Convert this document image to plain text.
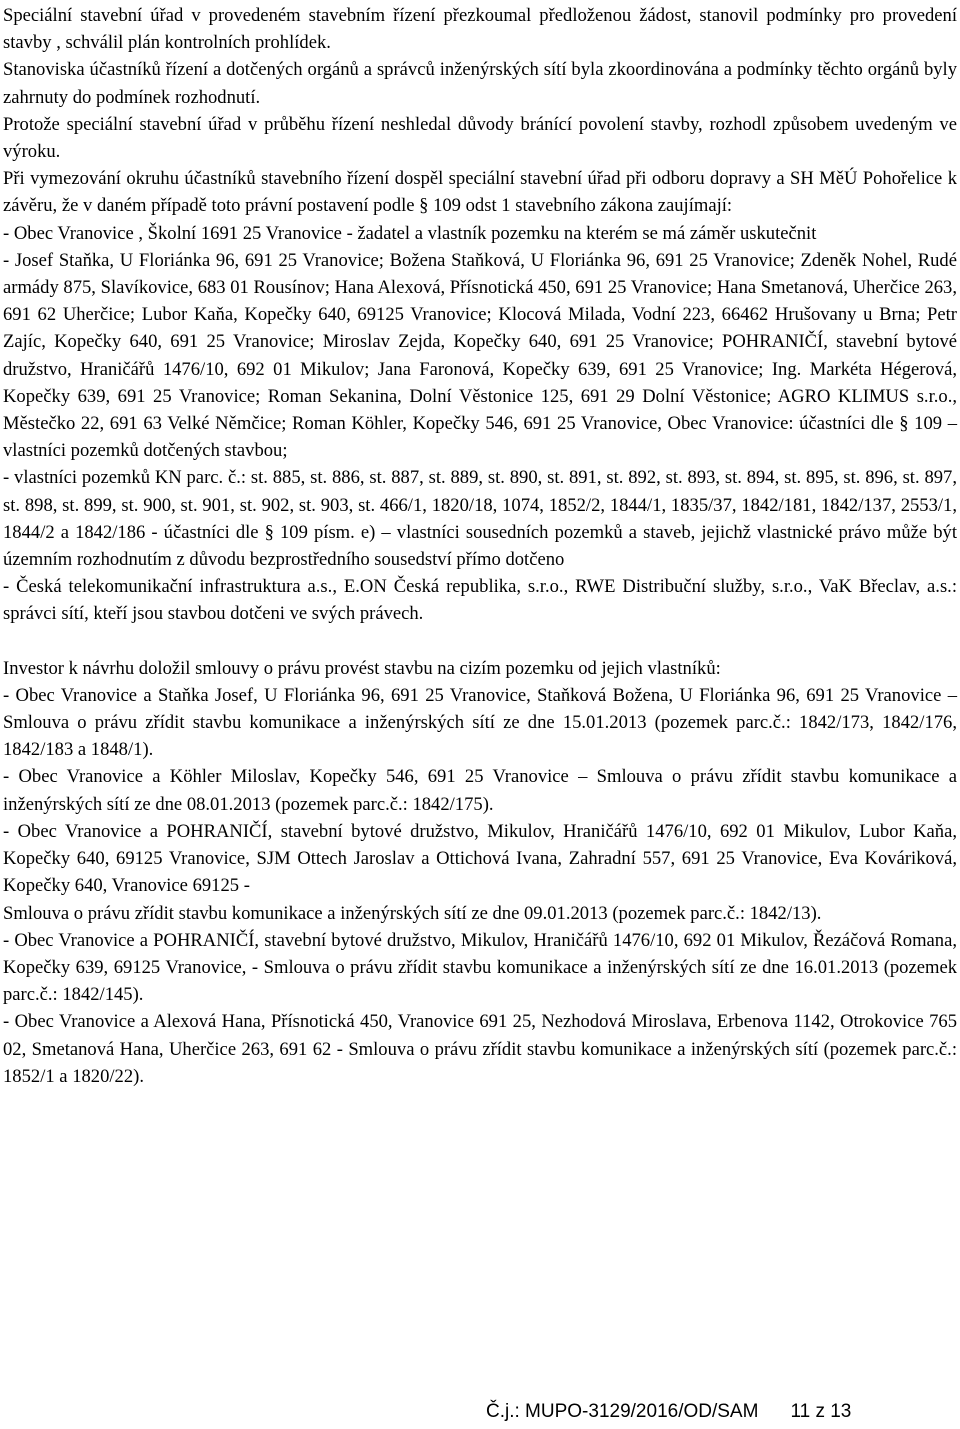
Speciální stavební úřad v provedeném stavebním řízení přezkoumal předloženou žádost, stanovil podmínky pro provedení stavby , schválil plán kontrolních prohlídek.

Stanoviska účastníků řízení a dotčených orgánů a správců inženýrských sítí byla zkoordinována a podmínky těchto orgánů byly zahrnuty do podmínek rozhodnutí.

Protože speciální stavební úřad v průběhu řízení neshledal důvody bránící povolení stavby, rozhodl způsobem uvedeným ve výroku.

Při vymezování okruhu účastníků stavebního řízení dospěl speciální stavební úřad při odboru dopravy a SH MěÚ Pohořelice k závěru, že v daném případě toto právní postavení podle § 109 odst 1 stavebního zákona zaujímají:

- Obec Vranovice , Školní 1691 25 Vranovice - žadatel a vlastník pozemku na kterém se má záměr uskutečnit

- Josef Staňka, U Floriánka 96, 691 25 Vranovice; Božena Staňková, U Floriánka 96, 691 25 Vranovice; Zdeněk Nohel, Rudé armády 875, Slavíkovice, 683 01 Rousínov; Hana Alexová, Přísnotická 450, 691 25 Vranovice; Hana Smetanová, Uherčice 263, 691 62 Uherčice; Lubor Kaňa, Kopečky 640, 69125 Vranovice; Klocová Milada, Vodní 223, 66462 Hrušovany u Brna; Petr Zajíc, Kopečky 640, 691 25 Vranovice; Miroslav Zejda, Kopečky 640, 691 25 Vranovice; POHRANIČÍ, stavební bytové družstvo, Hraničářů 1476/10, 692 01 Mikulov; Jana Faronová, Kopečky 639, 691 25 Vranovice; Ing. Markéta Hégerová, Kopečky 639, 691 25 Vranovice; Roman Sekanina, Dolní Věstonice 125, 691 29 Dolní Věstonice; AGRO KLIMUS s.r.o., Městečko 22, 691 63 Velké Němčice; Roman Köhler, Kopečky 546, 691 25 Vranovice, Obec Vranovice: účastníci dle § 109 – vlastníci pozemků dotčených stavbou;

- vlastníci pozemků KN parc. č.: st. 885, st. 886, st. 887, st. 889, st. 890, st. 891, st. 892, st. 893, st. 894, st. 895, st. 896, st. 897, st. 898, st. 899, st. 900, st. 901, st. 902, st. 903, st. 466/1, 1820/18, 1074, 1852/2, 1844/1, 1835/37, 1842/181, 1842/137, 2553/1, 1844/2 a 1842/186 - účastníci dle § 109 písm. e) – vlastníci sousedních pozemků a staveb, jejichž vlastnické právo může být územním rozhodnutím z důvodu bezprostředního sousedství přímo dotčeno

- Česká telekomunikační infrastruktura a.s., E.ON Česká republika, s.r.o., RWE Distribuční služby, s.r.o., VaK Břeclav, a.s.: správci sítí, kteří jsou stavbou dotčeni ve svých právech.

Investor k návrhu doložil smlouvy o právu provést stavbu na cizím pozemku od jejich vlastníků:

- Obec Vranovice a Staňka Josef, U Floriánka 96, 691 25 Vranovice, Staňková Božena, U Floriánka 96, 691 25 Vranovice – Smlouva o právu zřídit stavbu komunikace a inženýrských sítí ze dne 15.01.2013 (pozemek parc.č.: 1842/173, 1842/176, 1842/183 a 1848/1).

- Obec Vranovice a Köhler Miloslav, Kopečky 546, 691 25 Vranovice – Smlouva o právu zřídit stavbu komunikace a inženýrských sítí ze dne 08.01.2013 (pozemek parc.č.: 1842/175).

- Obec Vranovice a POHRANIČÍ, stavební bytové družstvo, Mikulov, Hraničářů 1476/10, 692 01 Mikulov, Lubor Kaňa, Kopečky 640, 69125 Vranovice, SJM Ottech Jaroslav a Ottichová Ivana, Zahradní 557, 691 25 Vranovice, Eva Kováriková, Kopečky 640, Vranovice 69125 -

Smlouva o právu zřídit stavbu komunikace a inženýrských sítí ze dne 09.01.2013 (pozemek parc.č.: 1842/13).

- Obec Vranovice a POHRANIČÍ, stavební bytové družstvo, Mikulov, Hraničářů 1476/10, 692 01 Mikulov, Řezáčová Romana, Kopečky 639, 69125 Vranovice, - Smlouva o právu zřídit stavbu komunikace a inženýrských sítí ze dne 16.01.2013 (pozemek parc.č.: 1842/145).

- Obec Vranovice a Alexová Hana, Přísnotická 450, Vranovice 691 25, Nezhodová Miroslava, Erbenova 1142, Otrokovice 765 02, Smetanová Hana, Uherčice 263, 691 62 - Smlouva o právu zřídit stavbu komunikace a inženýrských sítí (pozemek parc.č.: 1852/1 a 1820/22).

Č.j.: MUPO-3129/2016/OD/SAM 11 z 13
